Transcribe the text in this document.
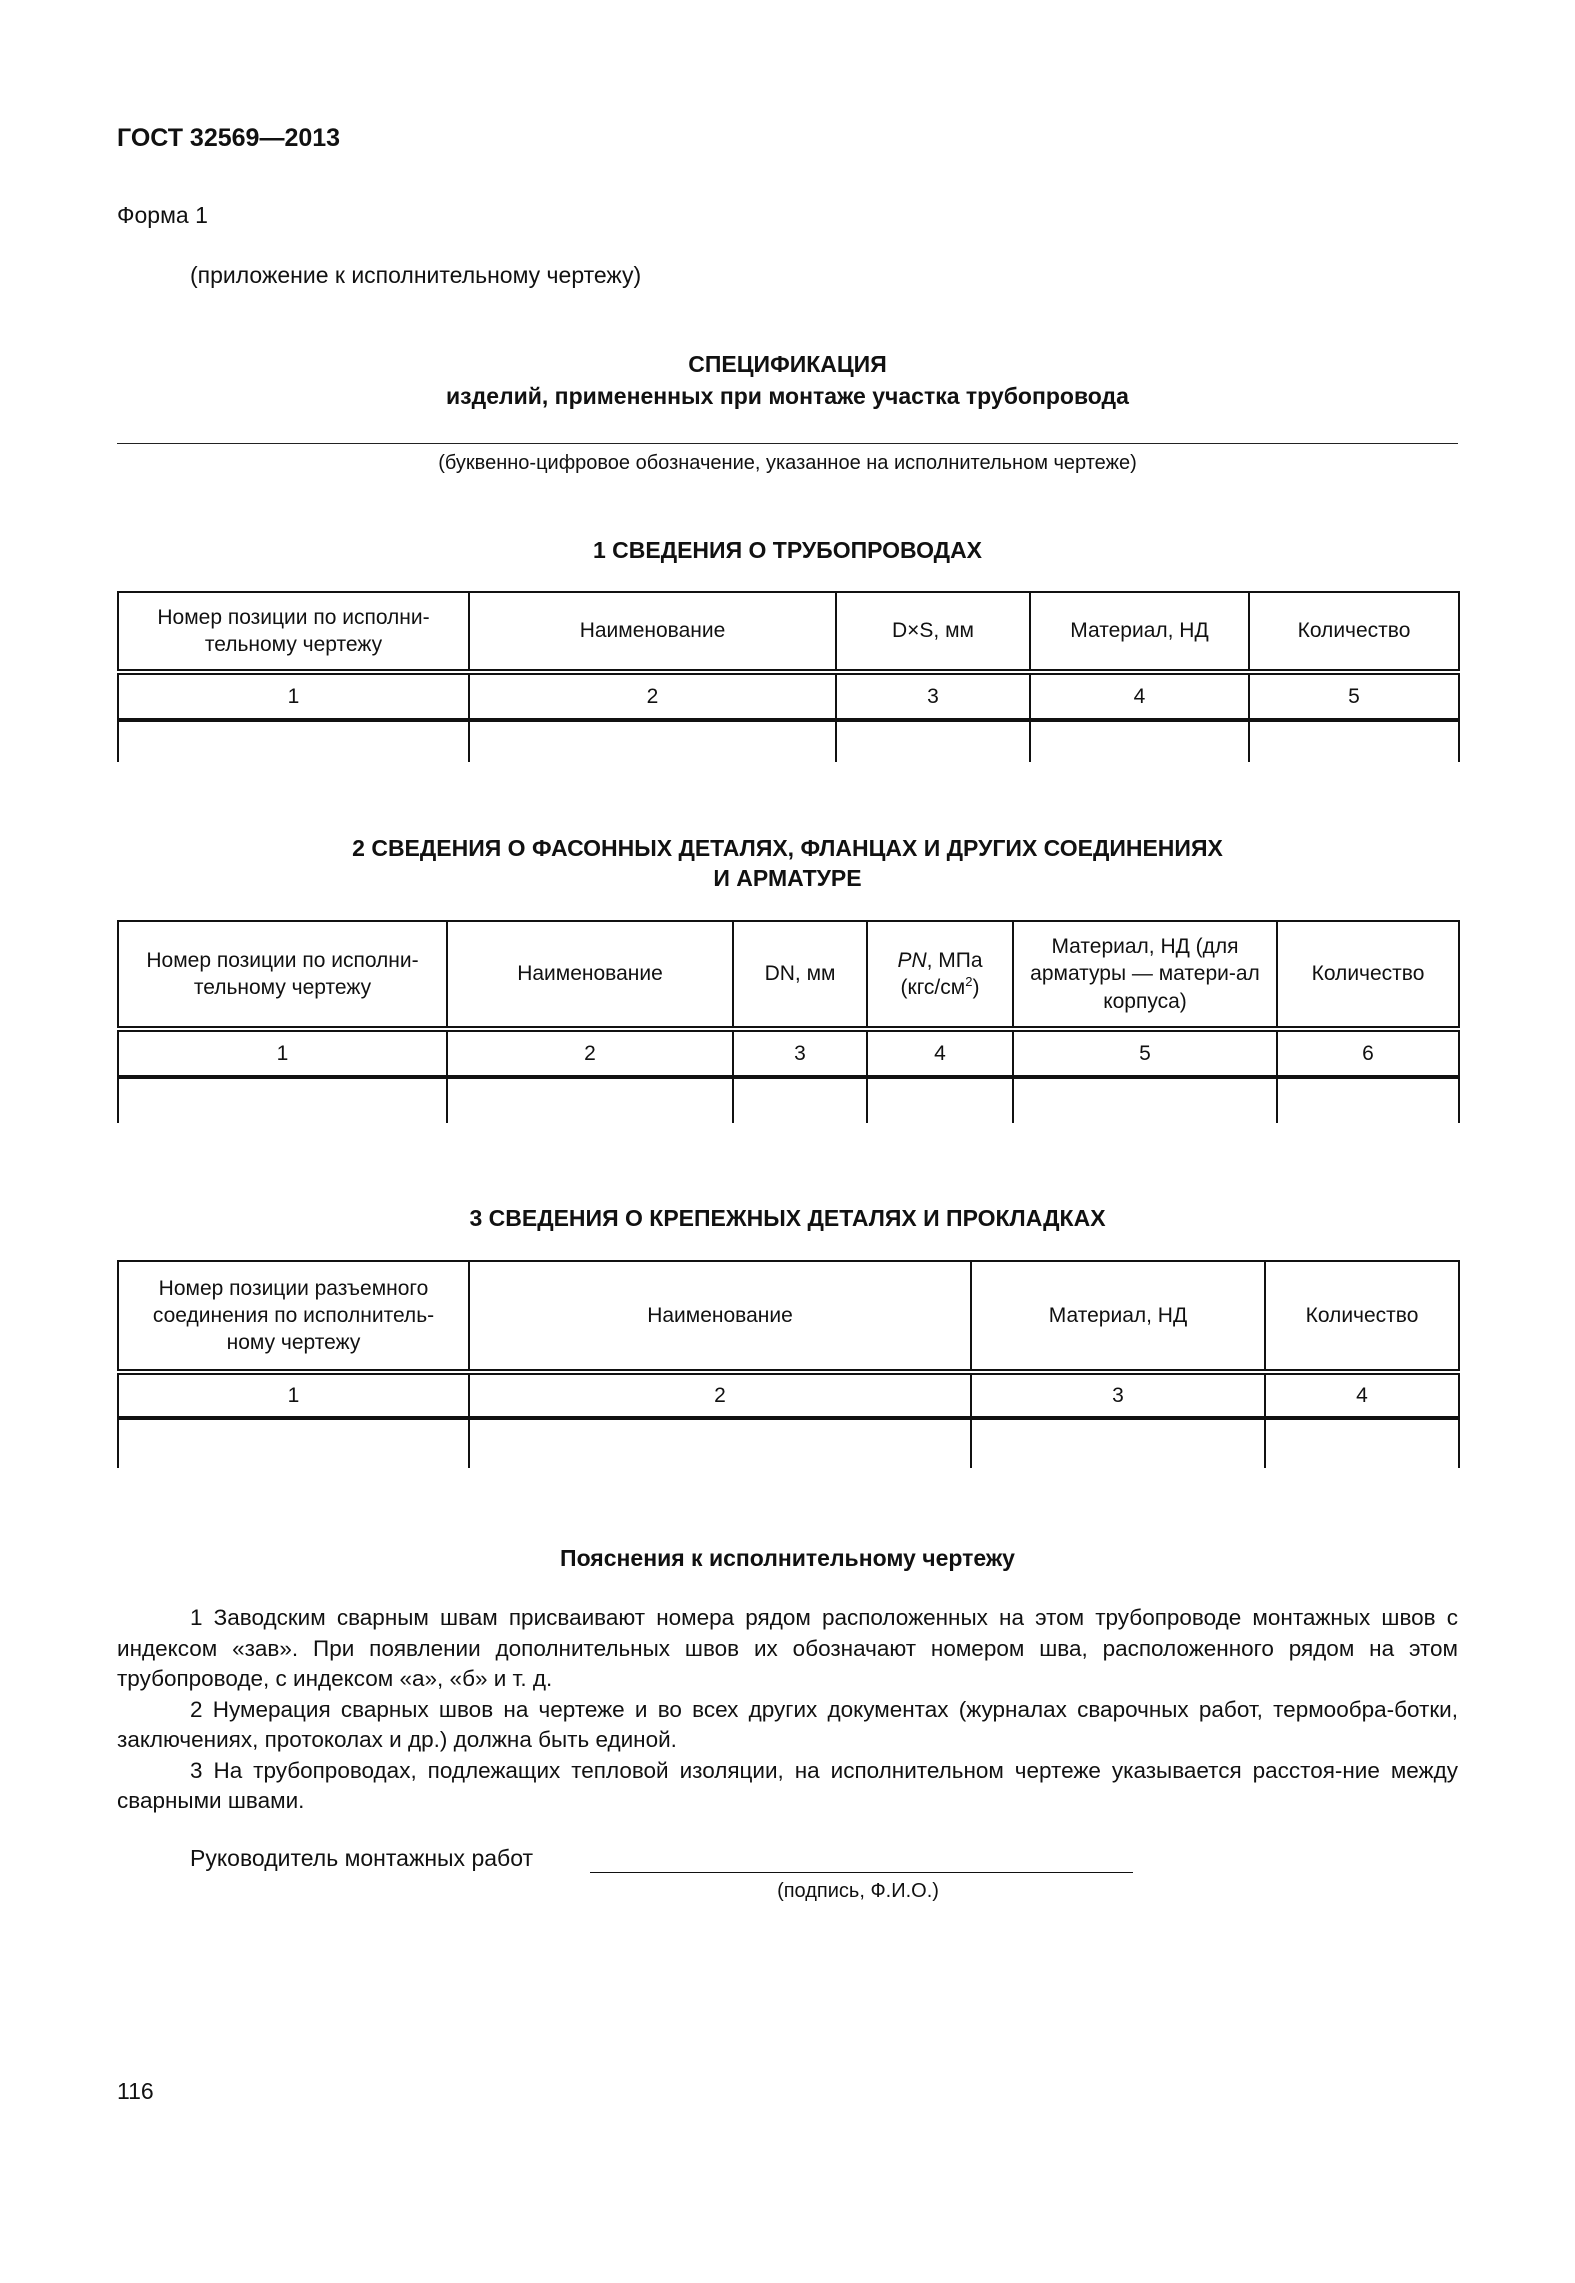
ГОСТ 32569—2013
Форма 1
(приложение к исполнительному чертежу)
СПЕЦИФИКАЦИЯ
изделий, примененных при монтаже участка трубопровода
(буквенно-цифровое обозначение, указанное на исполнительном чертеже)
1 СВЕДЕНИЯ О ТРУБОПРОВОДАХ
Номер позиции по исполни-тельному чертежу	Наименование	D×S, мм	Материал, НД	Количество
1	2	3	4	5

2 СВЕДЕНИЯ О ФАСОННЫХ ДЕТАЛЯХ, ФЛАНЦАХ И ДРУГИХ СОЕДИНЕНИЯХ
И АРМАТУРЕ
Номер позиции по исполни-тельному чертежу	Наименование	DN, мм	PN, МПа $(кгс/см^2)$	Материал, НД (для арматуры — матери-ал корпуса)	Количество
1	2	3	4	5	6

3 СВЕДЕНИЯ О КРЕПЕЖНЫХ ДЕТАЛЯХ И ПРОКЛАДКАХ
Номер позиции разъемного соединения по исполнитель-ному чертежу	Наименование	Материал, НД	Количество
1	2	3	4

Пояснения к исполнительному чертежу

1 Заводским сварным швам присваивают номера рядом расположенных на этом трубопроводе монтажных швов с индексом «зав». При появлении дополнительных швов их обозначают номером шва, расположенного рядом на этом трубопроводе, с индексом «а», «б» и т. д.

2 Нумерация сварных швов на чертеже и во всех других документах (журналах сварочных работ, термообра-ботки, заключениях, протоколах и др.) должна быть единой.

3 На трубопроводах, подлежащих тепловой изоляции, на исполнительном чертеже указывается расстоя-ние между сварными швами.

Руководитель монтажных работ
(подпись, Ф.И.О.)
116
